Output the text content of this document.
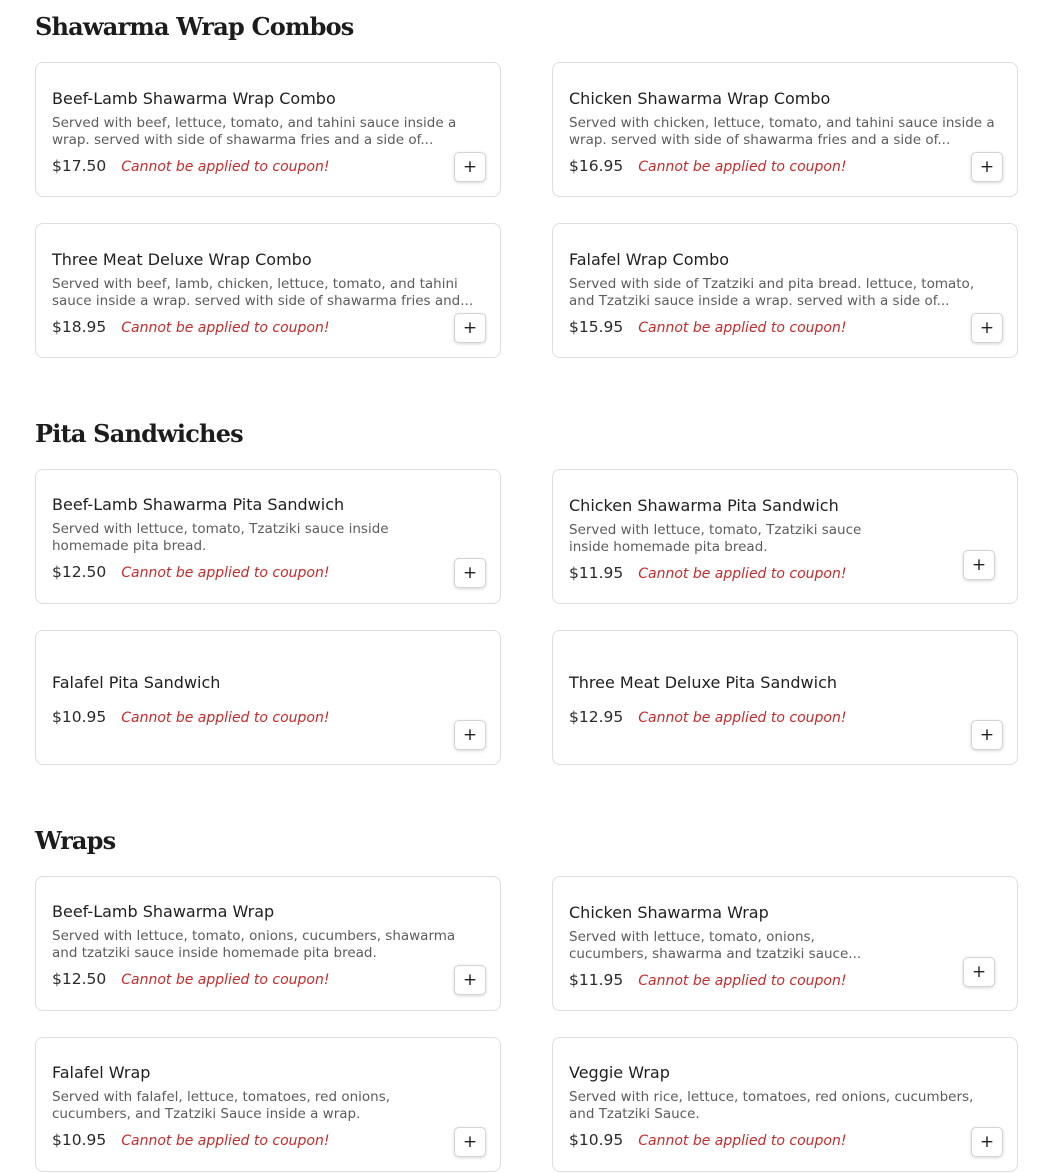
Shawarma Wrap Combos
Beef-Lamb Shawarma Wrap Combo
Served with beef, lettuce, tomato, and tahini sauce inside a wrap. served with side of shawarma fries and a side of...
$17.50 Cannot be applied to coupon!	+
Chicken Shawarma Wrap Combo
Served with chicken, lettuce, tomato, and tahini sauce inside a wrap. served with side of shawarma fries and a side of...
$16.95 Cannot be applied to coupon!	+
Three Meat Deluxe Wrap Combo
Served with beef, lamb, chicken, lettuce, tomato, and tahini sauce inside a wrap. served with side of shawarma fries and...
$18.95 Cannot be applied to coupon!	+
Falafel Wrap Combo
Served with side of Tzatziki and pita bread. lettuce, tomato, and Tzatziki sauce inside a wrap. served with a side of...
$15.95 Cannot be applied to coupon!	+
Pita Sandwiches
Beef-Lamb Shawarma Pita Sandwich
Served with lettuce, tomato, Tzatziki sauce inside homemade pita bread.
$12.50 Cannot be applied to coupon!	+
Chicken Shawarma Pita Sandwich
Served with lettuce, tomato, Tzatziki sauce inside homemade pita bread.
$11.95 Cannot be applied to coupon!	+
Falafel Pita Sandwich
$10.95 Cannot be applied to coupon!
+
Three Meat Deluxe Pita Sandwich
$12.95 Cannot be applied to coupon!
+
Wraps
Beef-Lamb Shawarma Wrap
Served with lettuce, tomato, onions, cucumbers, shawarma and tzatziki sauce inside homemade pita bread.
$12.50 Cannot be applied to coupon!	+
Chicken Shawarma Wrap
Served with lettuce, tomato, onions, cucumbers, shawarma and tzatziki sauce...
$11.95 Cannot be applied to coupon!	+
Falafel Wrap
Served with falafel, lettuce, tomatoes, red onions, cucumbers, and Tzatziki Sauce inside a wrap.
$10.95 Cannot be applied to coupon!	+
Veggie Wrap
Served with rice, lettuce, tomatoes, red onions, cucumbers, and Tzatziki Sauce.
$10.95 Cannot be applied to coupon!	+
